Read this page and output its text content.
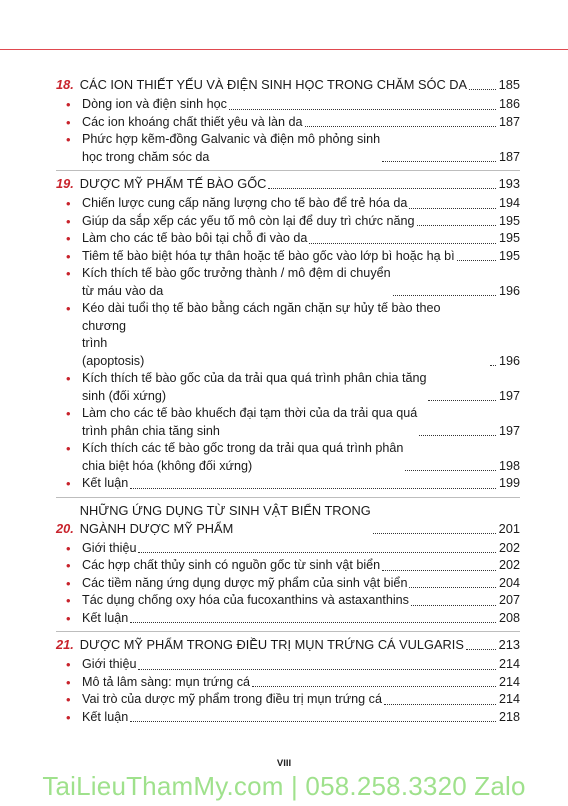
18. CÁC ION THIẾT YẾU VÀ ĐIỆN SINH HỌC TRONG CHĂM SÓC DA 185
• Dòng ion và điện sinh học	186
• Các ion khoáng chất thiết yêu và làn da	187
• Phức hợp kẽm-đồng Galvanic và điện mô phỏng sinh
học trong chăm sóc da	187
19. DƯỢC MỸ PHẨM TẾ BÀO GỐC	193
• Chiến lược cung cấp năng lượng cho tế bào để trẻ hóa da	194
• Giúp da sắp xếp các yếu tố mô còn lại để duy trì chức năng	195
• Làm cho các tế bào bôi tại chỗ đi vào da	195
• Tiêm tế bào biệt hóa tự thân hoặc tế bào gốc vào lớp bì hoặc hạ bì	195
• Kích thích tế bào gốc trưởng thành / mô đệm di chuyển
từ máu vào da	196
• Kéo dài tuổi thọ tế bào bằng cách ngăn chặn sự hủy tế bào theo chương
trình
(apoptosis)	196
• Kích thích tế bào gốc của da trải qua quá trình phân chia tăng
sinh (đối xứng)	197
• Làm cho các tế bào khuếch đại tạm thời của da trải qua quá
trình phân chia tăng sinh	197
• Kích thích các tế bào gốc trong da trải qua quá trình phân
chia biệt hóa (không đối xứng)	198
• Kết luận	199
20.
NHỮNG ỨNG DỤNG TỪ SINH VẬT BIỂN TRONG
NGÀNH DƯỢC MỸ PHẨM	201
• Giới thiệu	202
• Các hợp chất thủy sinh có nguồn gốc từ sinh vật biển	202
• Các tiềm năng ứng dụng dược mỹ phẩm của sinh vật biển	204
• Tác dụng chống oxy hóa của fucoxanthins và astaxanthins	207
• Kết luận	208
21. DƯỢC MỸ PHẨM TRONG ĐIỀU TRỊ MỤN TRỨNG CÁ VULGARIS	213
• Giới thiệu	214
• Mô tả lâm sàng: mụn trứng cá	214
• Vai trò của dược mỹ phẩm trong điều trị mụn trứng cá	214
• Kết luận	218
VIII
TaiLieuThamMy.com | 058.258.3320 Zalo
